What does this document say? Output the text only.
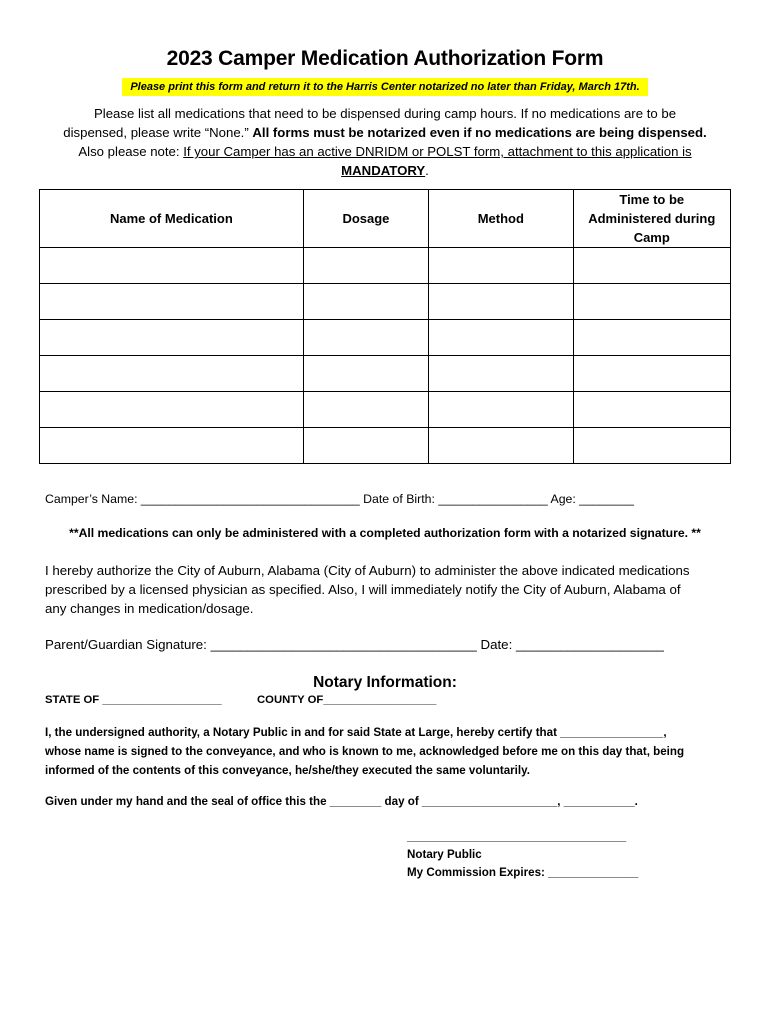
2023 Camper Medication Authorization Form
Please print this form and return it to the Harris Center notarized no later than Friday, March 17th.
Please list all medications that need to be dispensed during camp hours. If no medications are to be
dispensed, please write “None.” All forms must be notarized even if no medications are being dispensed.
Also please note: If your Camper has an active DNRIDM or POLST form, attachment to this application is
MANDATORY.
Name of Medication	Dosage	Method	Time to be Administered during Camp

Camper’s Name: ________________________________ Date of Birth: ________________ Age: ________
**All medications can only be administered with a completed authorization form with a notarized signature. **
I hereby authorize the City of Auburn, Alabama (City of Auburn) to administer the above indicated medications
prescribed by a licensed physician as specified. Also, I will immediately notify the City of Auburn, Alabama of
any changes in medication/dosage.
Parent/Guardian Signature: ____________________________________ Date: ____________________
Notary Information:
STATE OF ___________________	COUNTY OF__________________
I, the undersigned authority, a Notary Public in and for said State at Large, hereby certify that ________________,
whose name is signed to the conveyance, and who is known to me, acknowledged before me on this day that, being
informed of the contents of this conveyance, he/she/they executed the same voluntarily.
Given under my hand and the seal of office this the ________ day of _____________________, ___________.
__________________________________
Notary Public
My Commission Expires: ______________
